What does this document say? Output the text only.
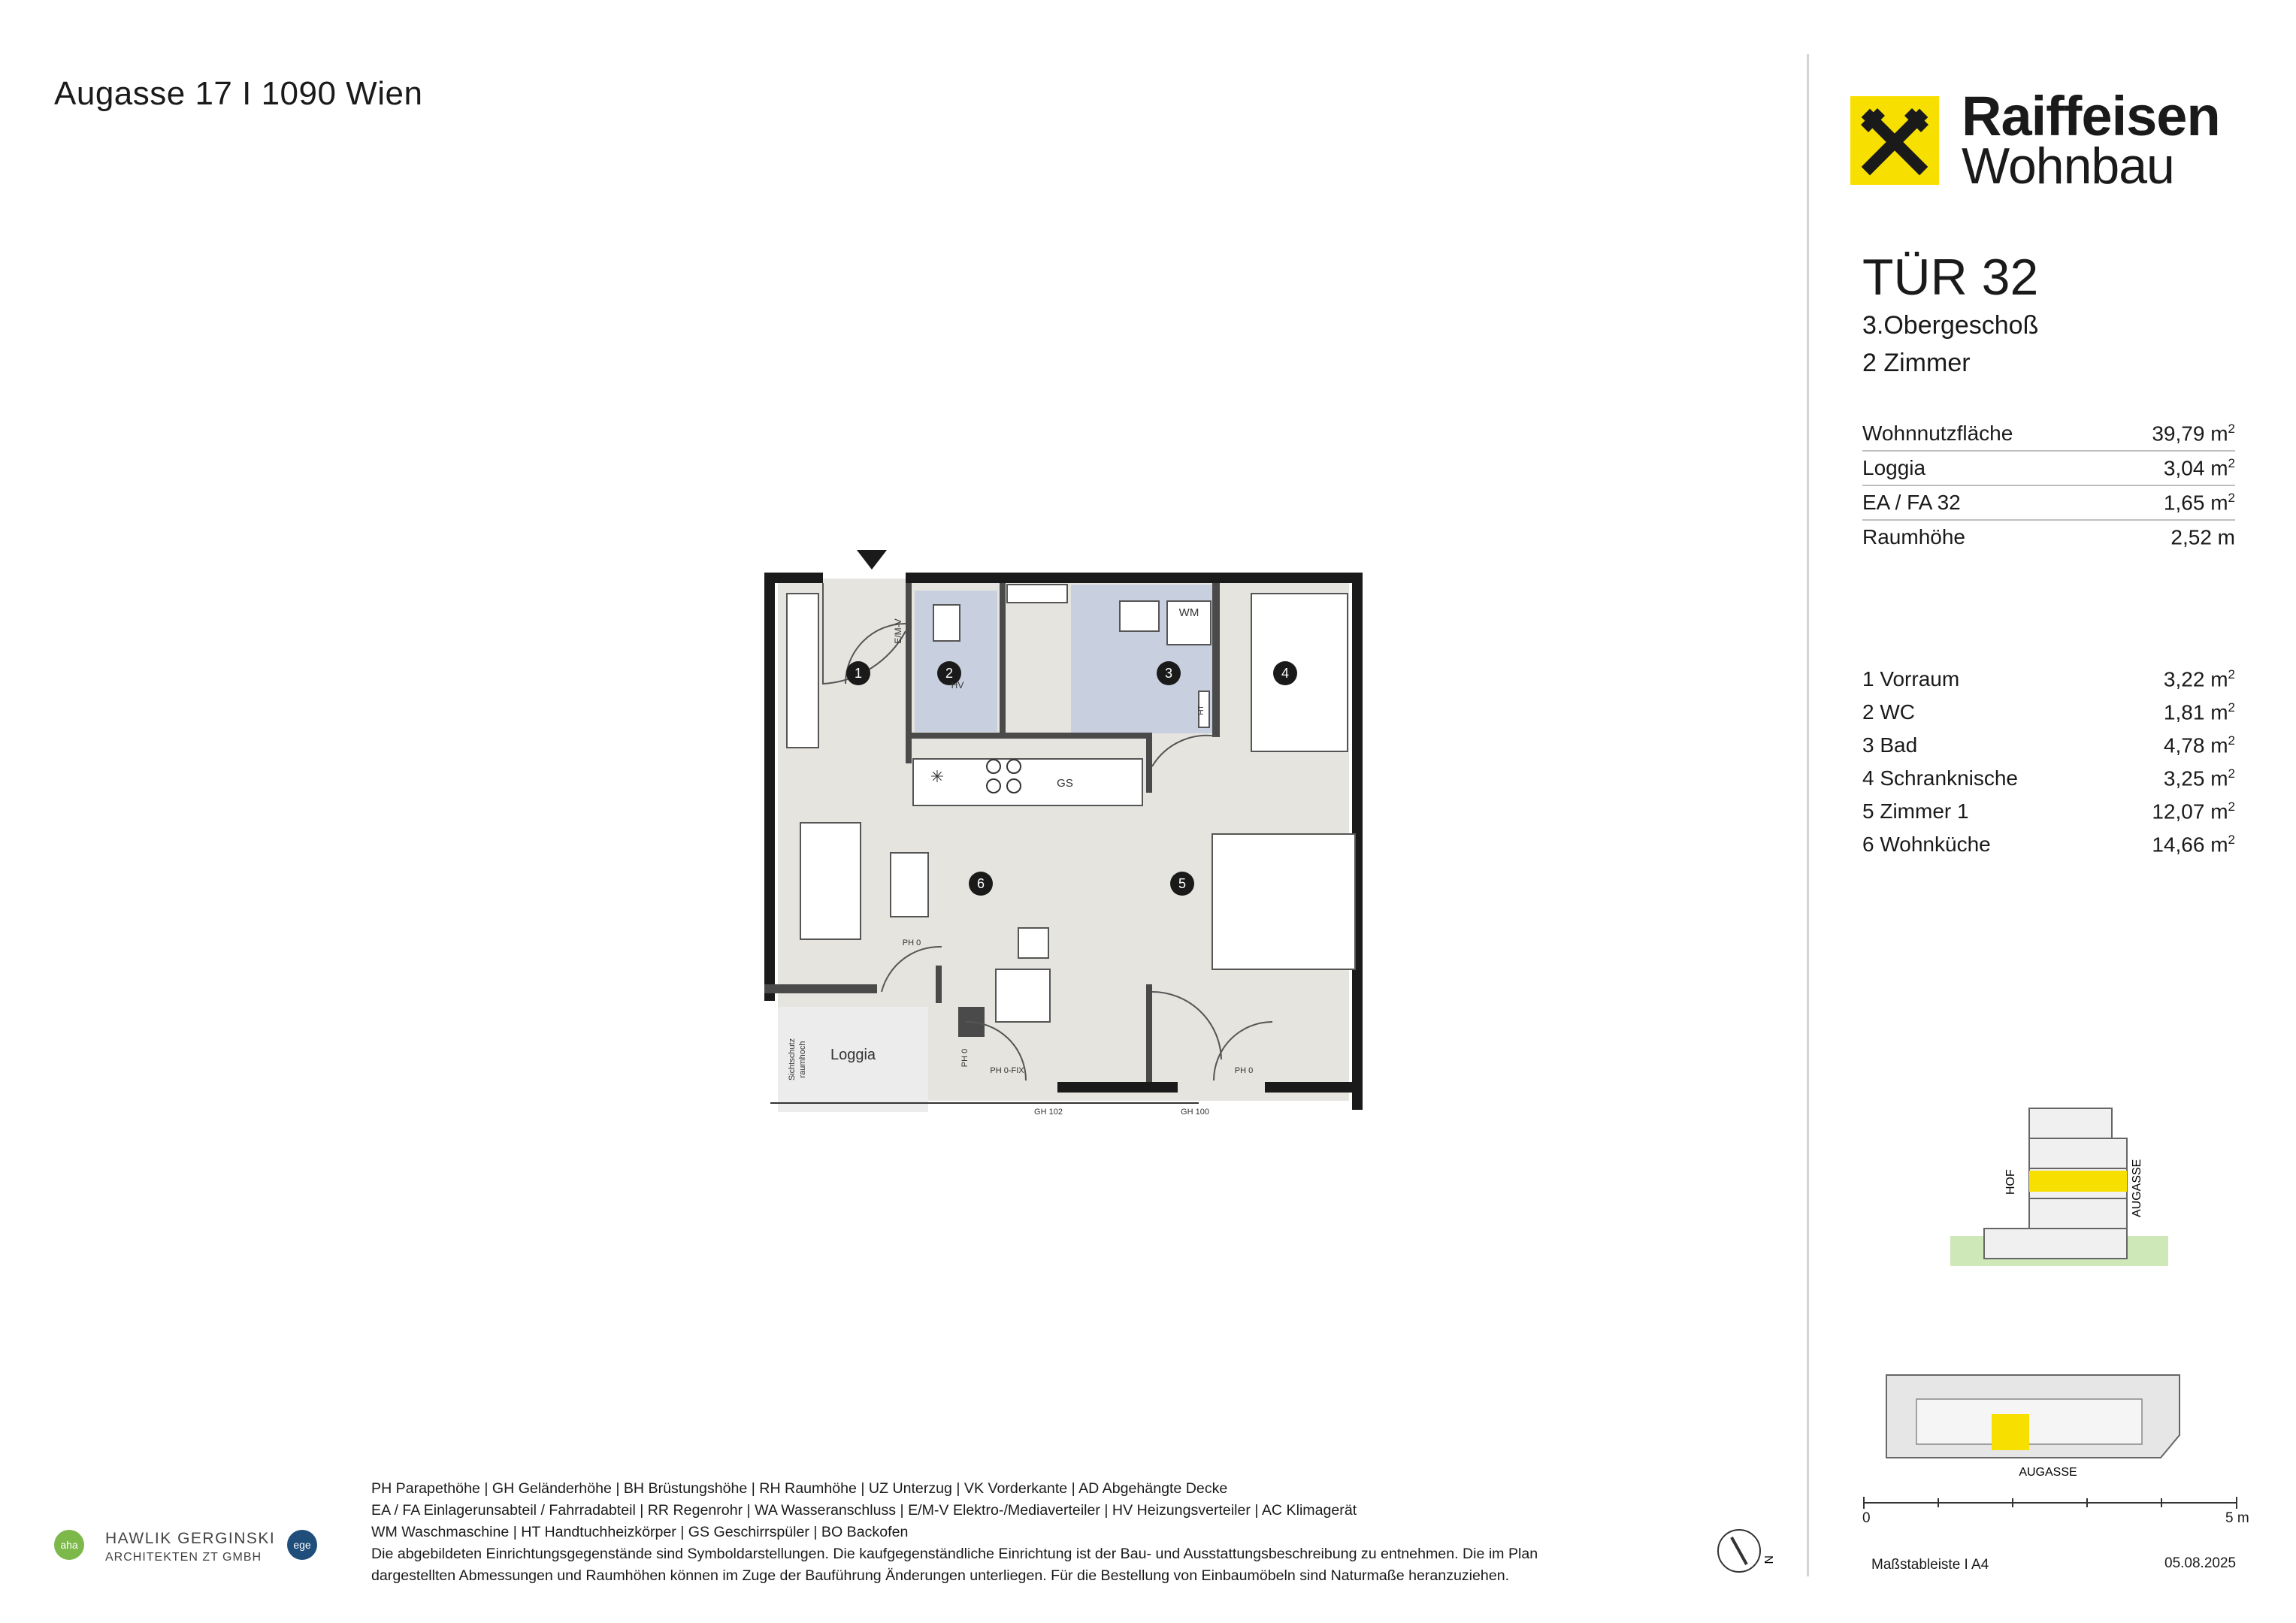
Augasse 17 I 1090 Wien	Raiffeisen
Wohnbau
TÜR 32
3.Obergeschoß
2 Zimmer
Wohnnutzfläche	39,79 $m^2$
Loggia	3,04 $m^2$
EA / FA 32	1,65 $m^2$
Raumhöhe	2,52 m
1 Vorraum	3,22 $m^2$
2 WC	1,81 $m^2$
3 Bad	4,78 $m^2$
4 Schranknische	3,25 $m^2$
5 Zimmer 1	12,07 $m^2$
6 Wohnküche	14,66 $m^2$
✳
1	2	3	4
5
6
WM
GS
HV
E/M-V
HT
Loggia
Sichtschutz raumhoch
PH 0
PH 0
PH 0
PH 0-FIX
GH 102	GH 100
HOF	AUGASSE
AUGASSE
0	5 m
Maßstableiste I A4	05.08.2025
PH Parapethöhe | GH Geländerhöhe | BH Brüstungshöhe | RH Raumhöhe | UZ Unterzug | VK Vorderkante | AD Abgehängte Decke
EA / FA Einlagerunsabteil / Fahrradabteil | RR Regenrohr | WA Wasseranschluss | E/M-V Elektro-/Mediaverteiler | HV Heizungsverteiler | AC Klimagerät
WM Waschmaschine | HT Handtuchheizkörper | GS Geschirrspüler | BO Backofen
Die abgebildeten Einrichtungsgegenstände sind Symboldarstellungen. Die kaufgegenständliche Einrichtung ist der Bau- und Ausstattungsbeschreibung zu entnehmen. Die im Plan
dargestellten Abmessungen und Raumhöhen können im Zuge der Bauführung Änderungen unterliegen. Für die Bestellung von Einbaumöbeln sind Naturmaße heranzuziehen.
aha	ege
HAWLIK GERGINSKI
ARCHITEKTEN ZT GMBH	N
